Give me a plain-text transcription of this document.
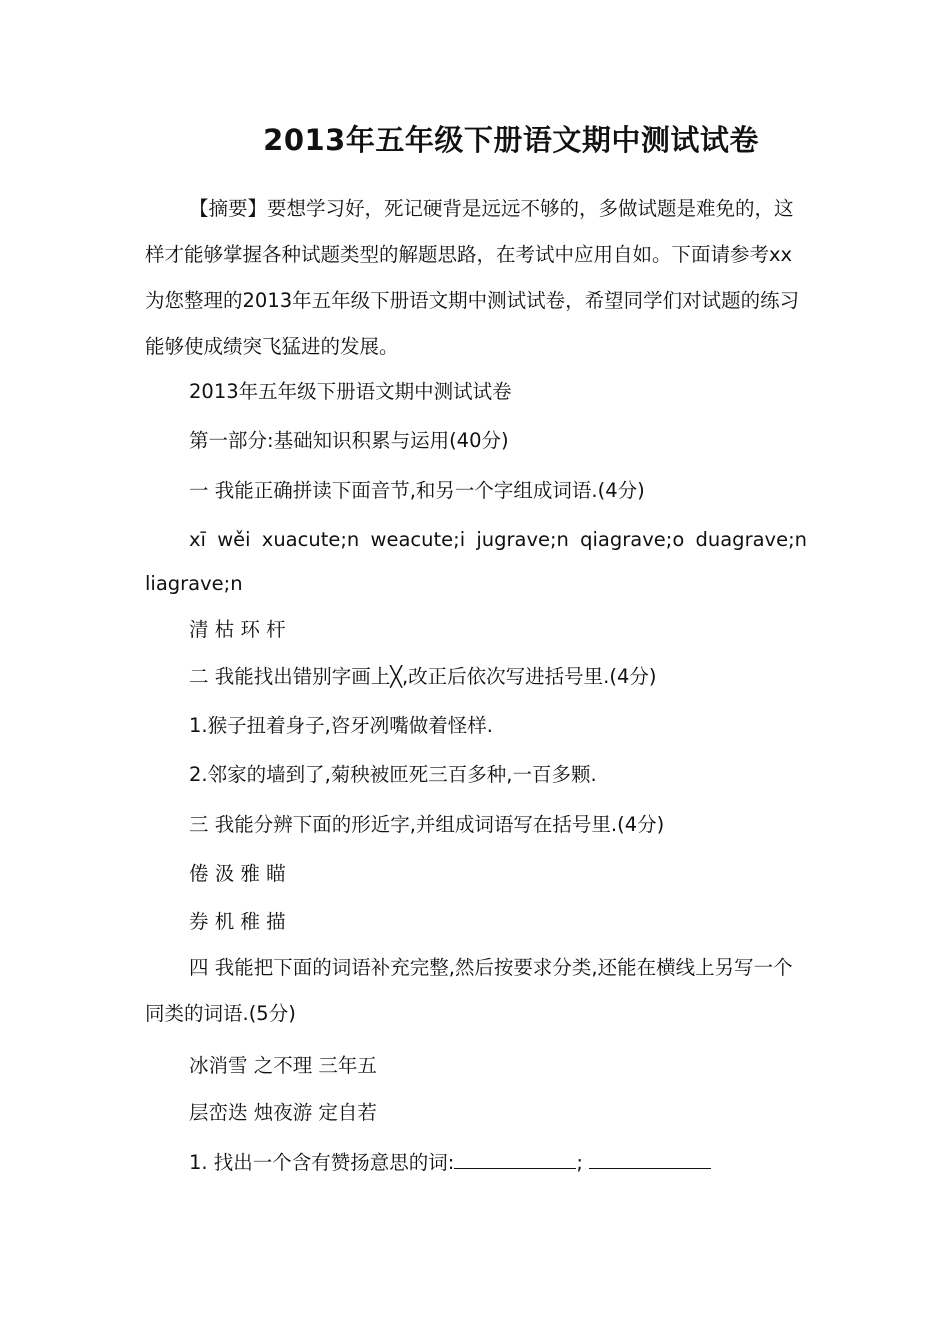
2013年五年级下册语文期中测试试卷
【摘要】要想学习好，死记硬背是远远不够的，多做试题是难免的，这样才能够掌握各种试题类型的解题思路，在考试中应用自如。下面请参考xx为您整理的2013年五年级下册语文期中测试试卷，希望同学们对试题的练习能够使成绩突飞猛进的发展。
2013年五年级下册语文期中测试试卷
第一部分:基础知识积累与运用(40分)
一 我能正确拼读下面音节,和另一个字组成词语.(4分)
xī wěi xuacute;n weacute;i jugrave;n qiagrave;o duagrave;n
liagrave;n
清 枯 环 杆
二 我能找出错别字画上╳,改正后依次写进括号里.(4分)
1.猴子扭着身子,咨牙冽嘴做着怪样.
2.邻家的墙到了,菊秧被匝死三百多种,一百多颗.
三 我能分辨下面的形近字,并组成词语写在括号里.(4分)
倦 汲 雅 瞄
券 机 稚 描
四 我能把下面的词语补充完整,然后按要求分类,还能在横线上另写一个同类的词语.(5分)
冰消雪 之不理 三年五
层峦迭 烛夜游 定自若
1. 找出一个含有赞扬意思的词:	;
